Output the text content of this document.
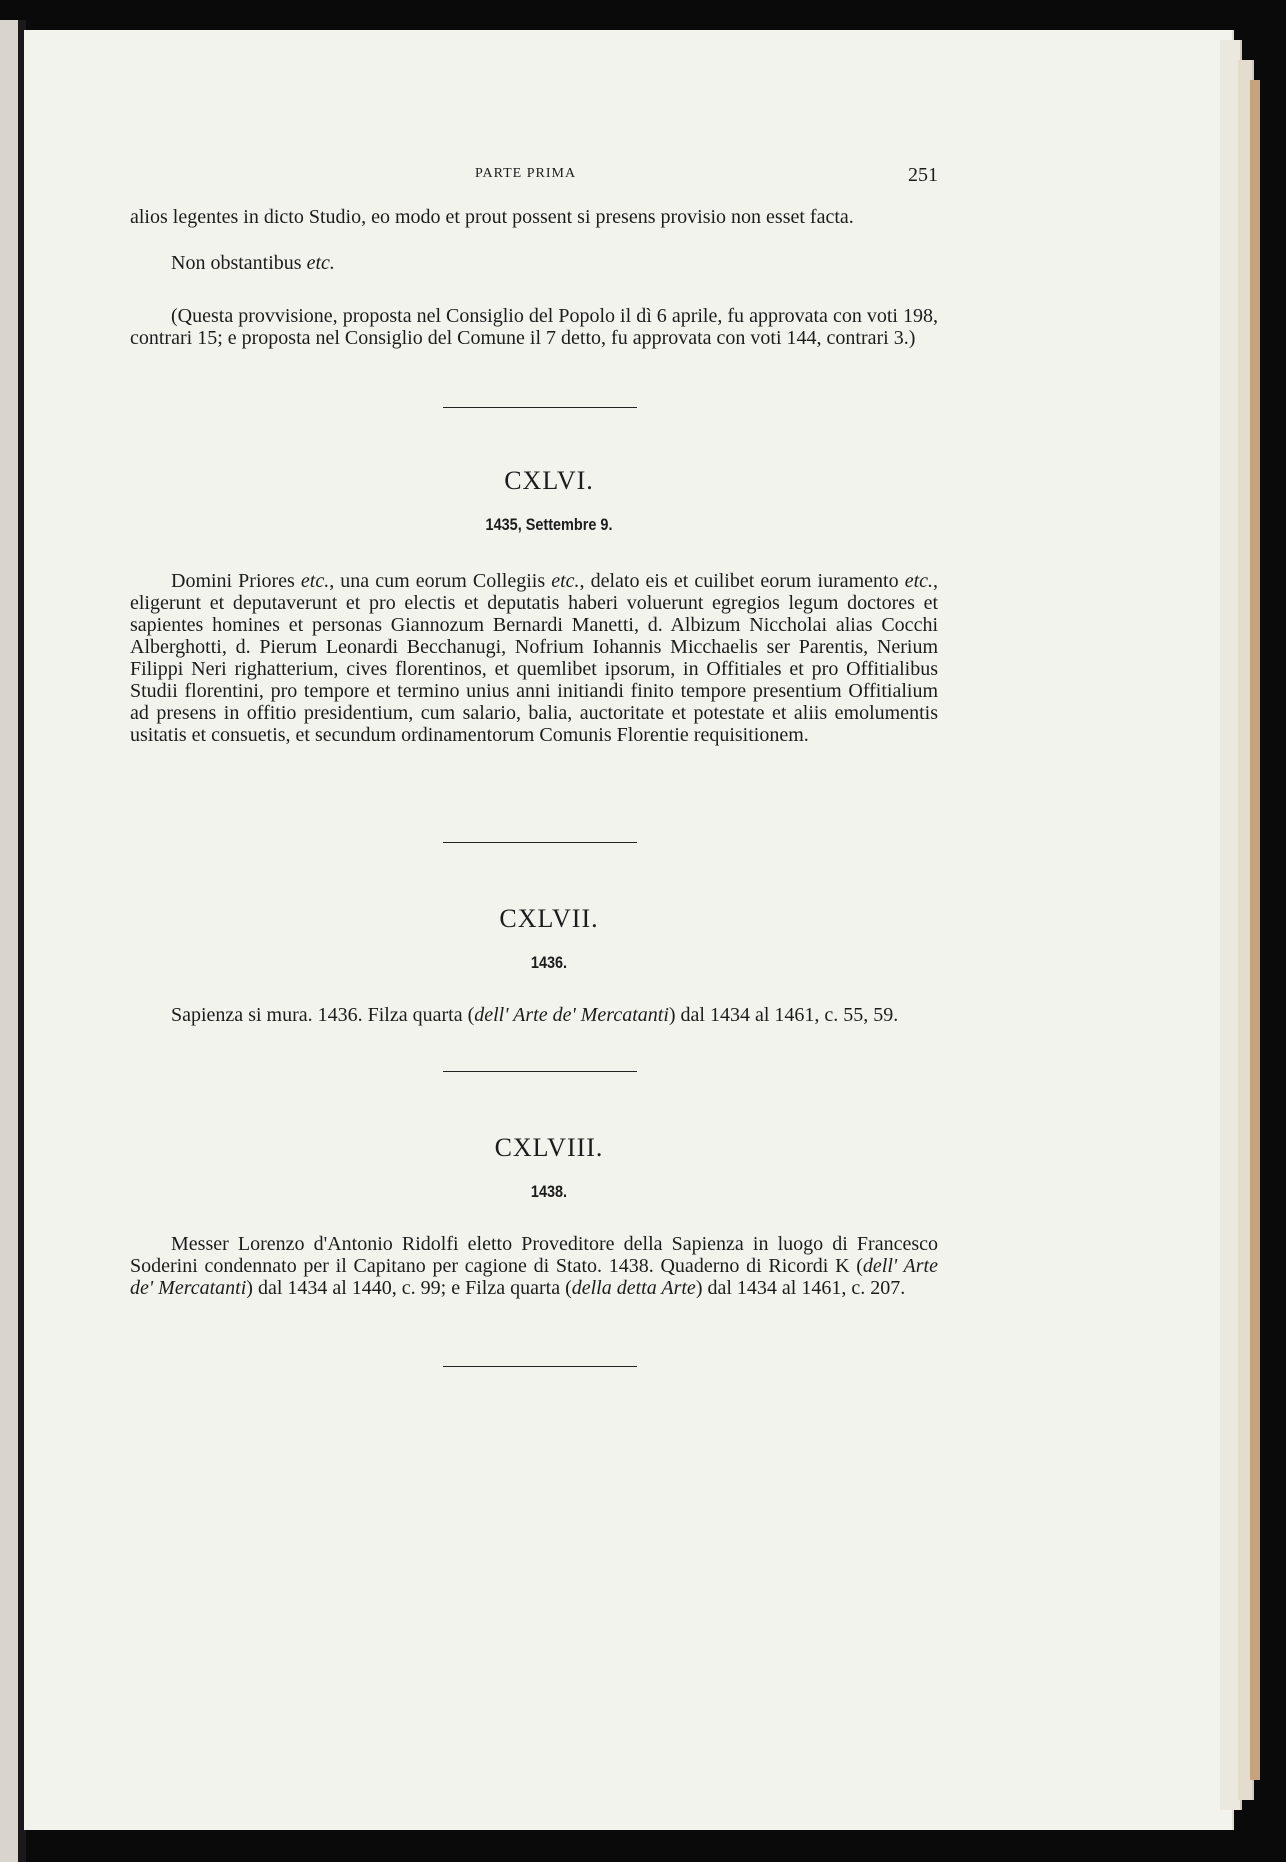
PARTE PRIMA	251

alios legentes in dicto Studio, eo modo et prout possent si presens provisio non esset facta.

Non obstantibus etc.

(Questa provvisione, proposta nel Consiglio del Popolo il dì 6 aprile, fu approvata con voti 198, contrari 15; e proposta nel Consiglio del Comune il 7 detto, fu approvata con voti 144, contrari 3.)

CXLVI.
1435, Settembre 9.

Domini Priores etc., una cum eorum Collegiis etc., delato eis et cuilibet eorum iuramento etc., eligerunt et deputaverunt et pro electis et deputatis haberi voluerunt egregios legum doctores et sapientes homines et personas Giannozum Bernardi Manetti, d. Albizum Niccholai alias Cocchi Alberghotti, d. Pierum Leonardi Becchanugi, Nofrium Iohannis Micchaelis ser Parentis, Nerium Filippi Neri righatterium, cives florentinos, et quemlibet ipsorum, in Offitiales et pro Offitialibus Studii florentini, pro tempore et termino unius anni initiandi finito tempore presentium Offitialium ad presens in offitio presidentium, cum salario, balia, auctoritate et potestate et aliis emolumentis usitatis et consuetis, et secundum ordinamentorum Comunis Florentie requisitionem.

CXLVII.
1436.

Sapienza si mura. 1436. Filza quarta (dell' Arte de' Mercatanti) dal 1434 al 1461, c. 55, 59.

CXLVIII.
1438.

Messer Lorenzo d'Antonio Ridolfi eletto Proveditore della Sapienza in luogo di Francesco Soderini condennato per il Capitano per cagione di Stato. 1438. Quaderno di Ricordi K (dell' Arte de' Mercatanti) dal 1434 al 1440, c. 99; e Filza quarta (della detta Arte) dal 1434 al 1461, c. 207.
